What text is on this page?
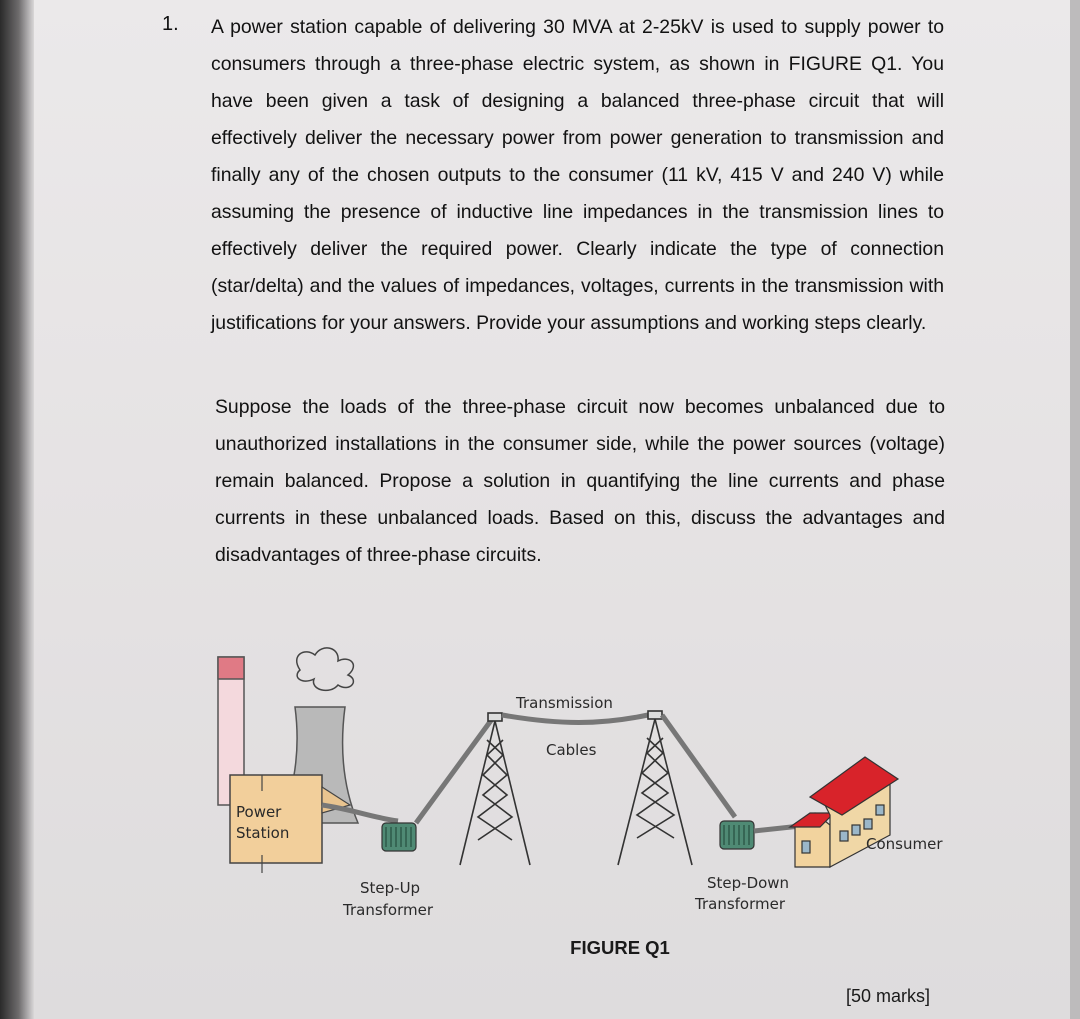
1. A power station capable of delivering 30 MVA at 2-25kV is used to supply power to consumers through a three-phase electric system, as shown in FIGURE Q1. You have been given a task of designing a balanced three-phase circuit that will effectively deliver the necessary power from power generation to transmission and finally any of the chosen outputs to the consumer (11 kV, 415 V and 240 V) while assuming the presence of inductive line impedances in the transmission lines to effectively deliver the required power. Clearly indicate the type of connection (star/delta) and the values of impedances, voltages, currents in the transmission with justifications for your answers. Provide your assumptions and working steps clearly.
Suppose the loads of the three-phase circuit now becomes unbalanced due to unauthorized installations in the consumer side, while the power sources (voltage) remain balanced. Propose a solution in quantifying the line currents and phase currents in these unbalanced loads. Based on this, discuss the advantages and disadvantages of three-phase circuits.
Power
Station
Step-Up
Transformer
Transmission
Cables
Step-Down
Transformer
Consumer
FIGURE Q1
[50 marks]
